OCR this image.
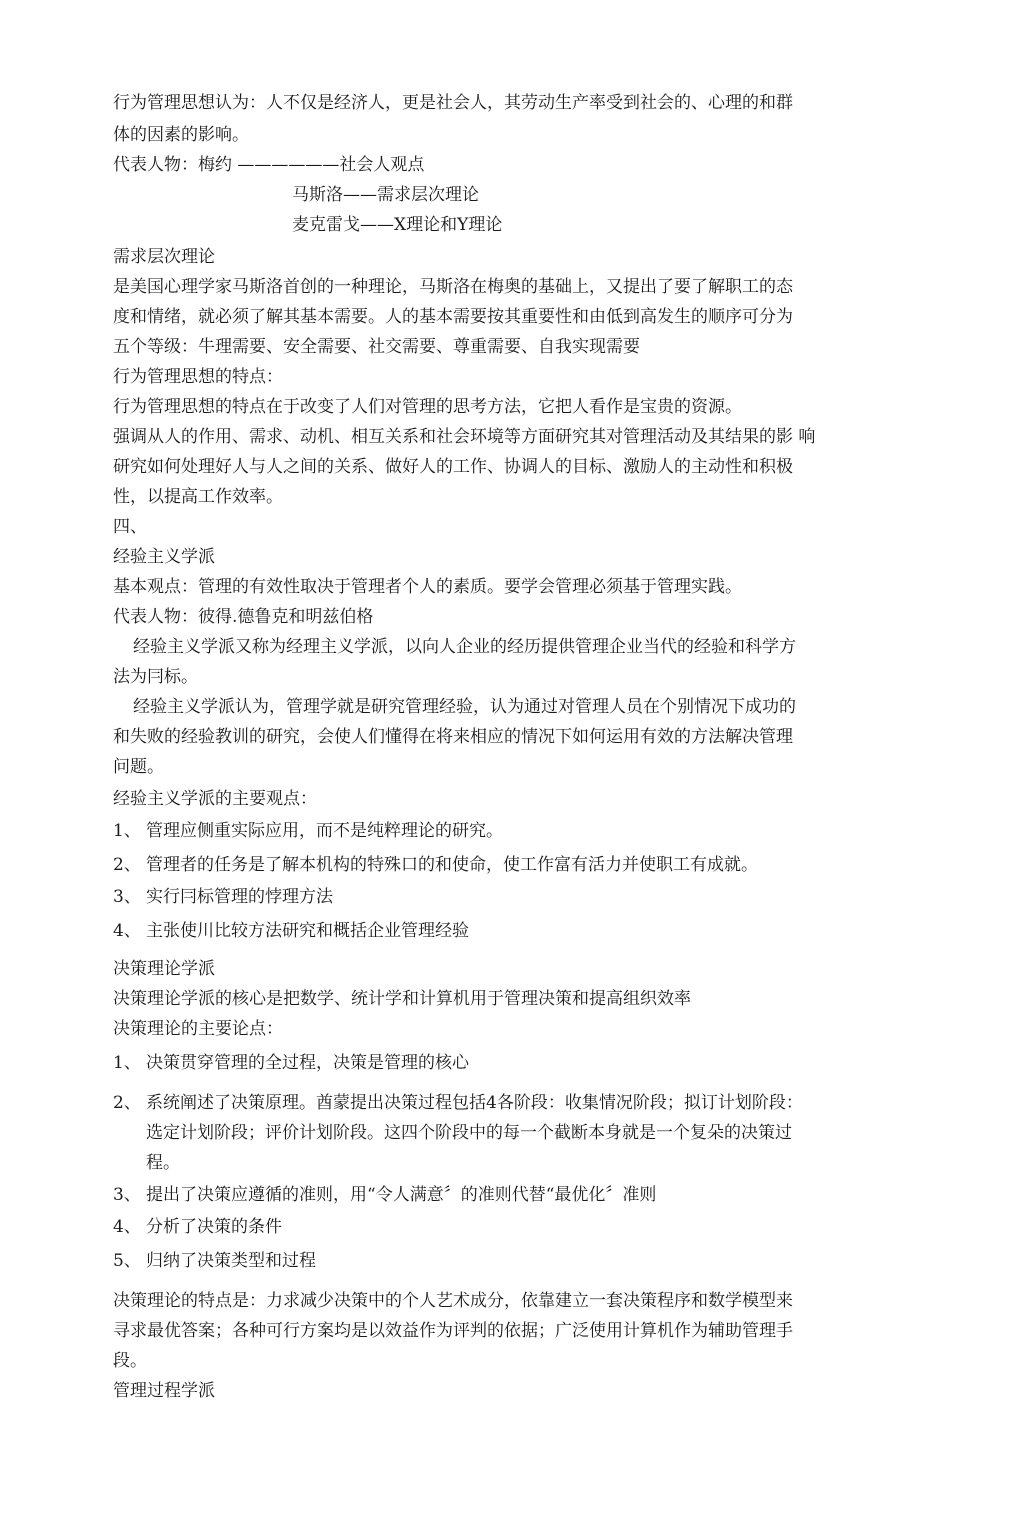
行为管理思想认为：人不仅是经济人，更是社会人，其劳动生产率受到社会的、心理的和群
体的因素的影响。
代表人物：梅约 ——————社会人观点
马斯洛——需求层次理论
麦克雷戈——X理论和Y理论
需求层次理论
是美国心理学家马斯洛首创的一种理论，马斯洛在梅奥的基础上，又提出了要了解职工的态
度和情绪，就必须了解其基本需要。人的基本需要按其重要性和由低到高发生的顺序可分为
五个等级：牛理需要、安全需要、社交需要、尊重需要、自我实现需要
行为管理思想的特点：
行为管理思想的特点在于改变了人们对管理的思考方法，它把人看作是宝贵的资源。
强调从人的作用、需求、动机、相互关系和社会环境等方面研究其对管理活动及其结果的影 响
研究如何处理好人与人之间的关系、做好人的工作、协调人的目标、激励人的主动性和积极
性，以提高工作效率。
四、
经验主义学派
基本观点：管理的有效性取决于管理者个人的素质。要学会管理必须基于管理实践。
代表人物：彼得.德鲁克和明兹伯格
经验主义学派又称为经理主义学派，以向人企业的经历提供管理企业当代的经验和科学方
法为冃标。
经验主义学派认为，管理学就是研究管理经验，认为通过对管理人员在个别情况下成功的
和失败的经验教训的研究，会使人们懂得在将来相应的情况下如何运用有效的方法解决管理
问题。
经验主义学派的主要观点：
1、 管理应侧重实际应用，而不是纯粹理论的研究。
2、 管理者的任务是了解本机构的特殊口的和使命，使工作富有活力并使职工有成就。
3、 实行冃标管理的悖理方法
4、 主张使川比较方法研究和概括企业管理经验
决策理论学派
决策理论学派的核心是把数学、统计学和计算机用于管理决策和提高组织效率
决策理论的主要论点：
1、 决策贯穿管理的全过程，决策是管理的核心
2、 系统阐述了决策原理。酋蒙提出决策过程包括4各阶段：收集情况阶段；拟订计划阶段：
选定计划阶段；评价计划阶段。这四个阶段中的每一个截断本身就是一个复朵的决策过
程。
3、 提出了决策应遵循的准则，用“令人满意〞的准则代替“最优化〞准则
4、 分析了决策的条件
5、 归纳了决策类型和过程
决策理论的特点是：力求减少决策中的个人艺术成分，依靠建立一套决策程序和数学模型来
寻求最优答案；各种可行方案均是以效益作为评判的依据；广泛使用计算机作为辅助管理手
段。
管理过程学派
